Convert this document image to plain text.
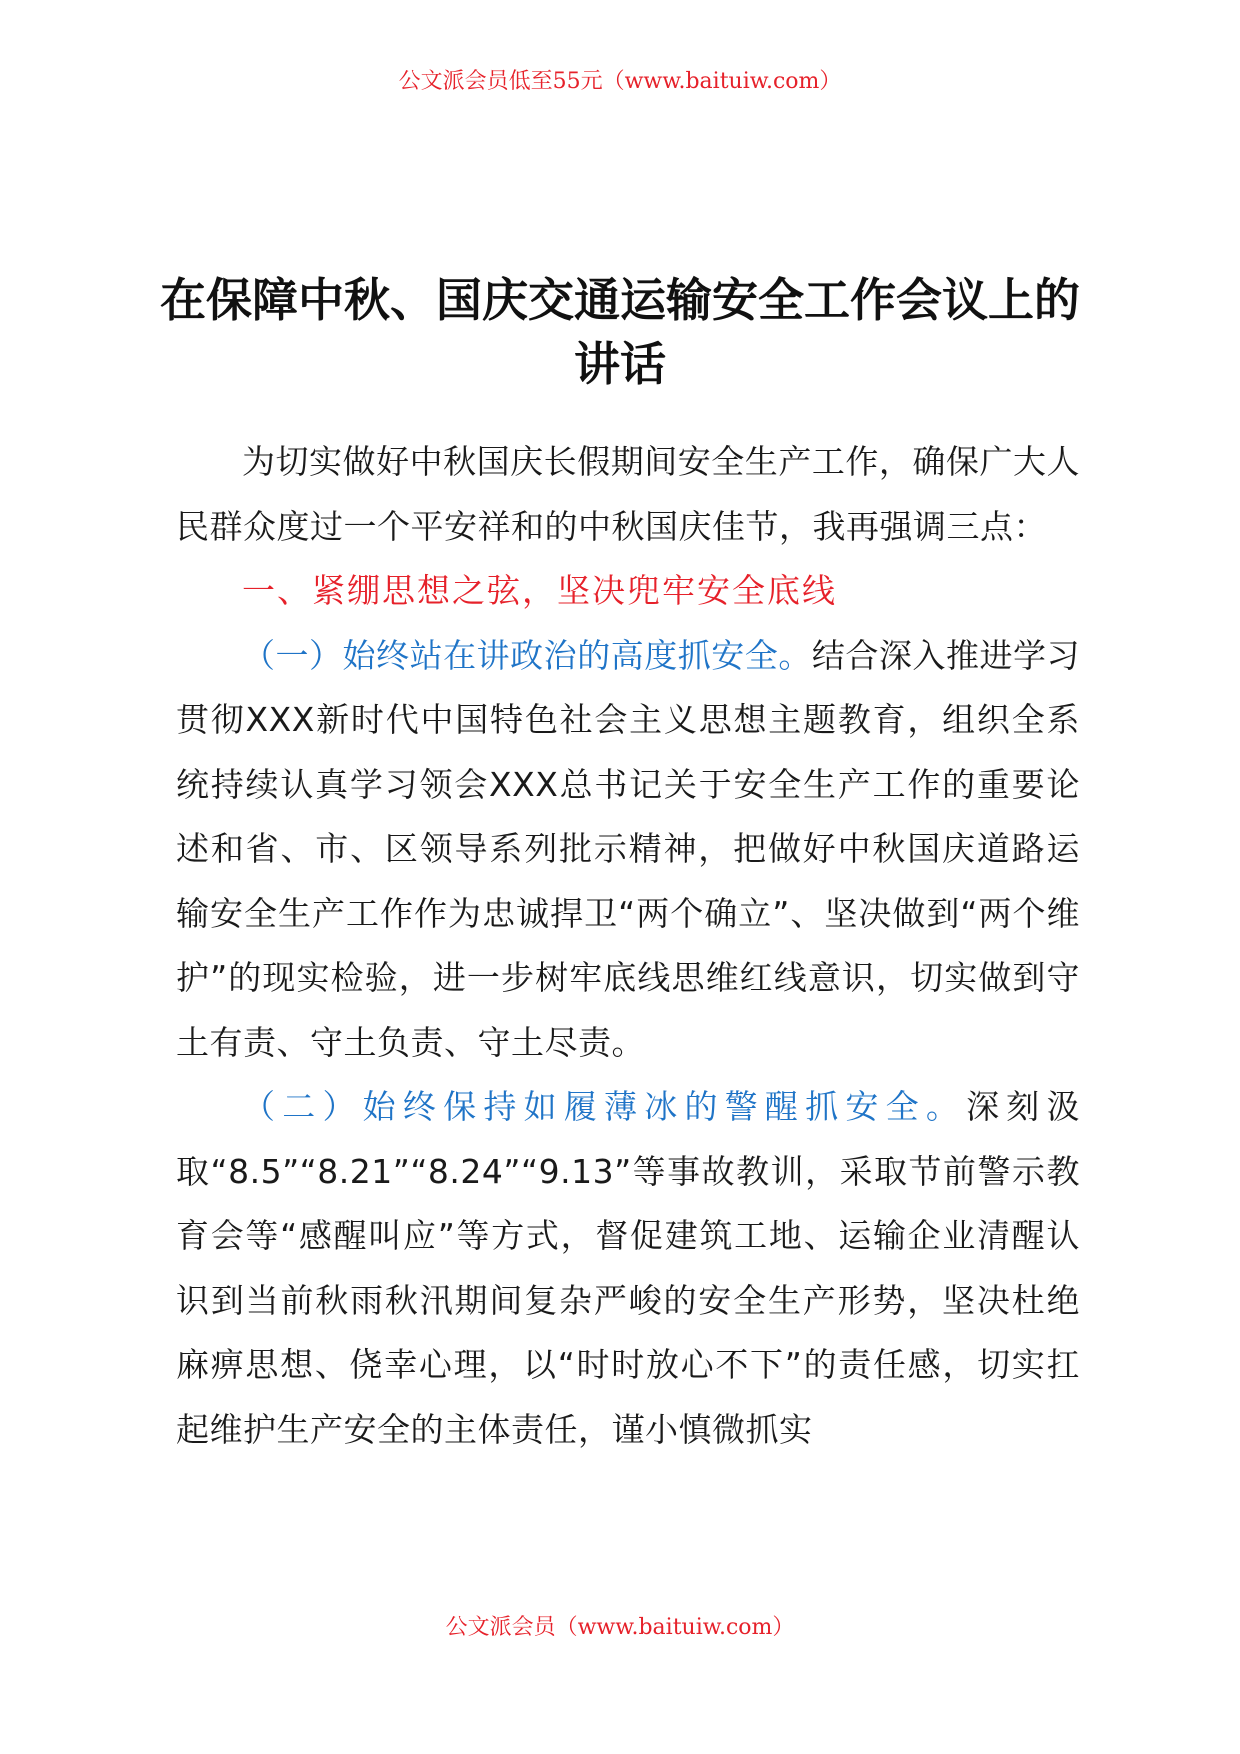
公文派会员低至55元（www.baituiw.com）
在保障中秋、国庆交通运输安全工作会议上的讲话

为切实做好中秋国庆长假期间安全生产工作，确保广大人民群众度过一个平安祥和的中秋国庆佳节，我再强调三点：

一、紧绷思想之弦，坚决兜牢安全底线

（一）始终站在讲政治的高度抓安全。结合深入推进学习贯彻XXX新时代中国特色社会主义思想主题教育，组织全系统持续认真学习领会XXX总书记关于安全生产工作的重要论述和省、市、区领导系列批示精神，把做好中秋国庆道路运输安全生产工作作为忠诚捍卫“两个确立”、坚决做到“两个维护”的现实检验，进一步树牢底线思维红线意识，切实做到守土有责、守土负责、守土尽责。

（二）始终保持如履薄冰的警醒抓安全。深刻汲取“8.5”“8.21”“8.24”“9.13”等事故教训，采取节前警示教育会等“感醒叫应”等方式，督促建筑工地、运输企业清醒认识到当前秋雨秋汛期间复杂严峻的安全生产形势，坚决杜绝麻痹思想、侥幸心理，以“时时放心不下”的责任感，切实扛起维护生产安全的主体责任，谨小慎微抓实

公文派会员（www.baituiw.com）
